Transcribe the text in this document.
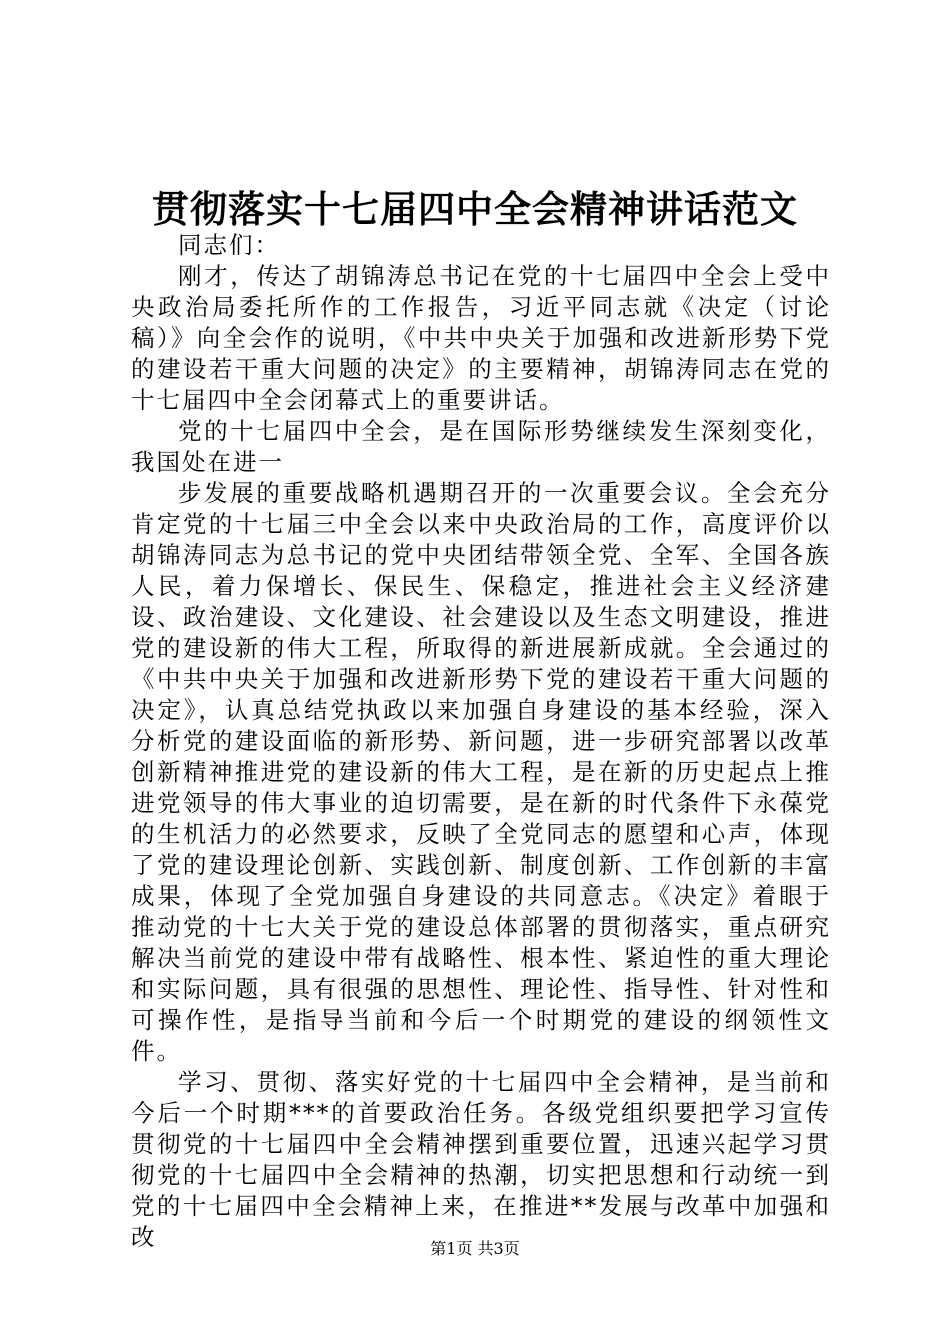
贯彻落实十七届四中全会精神讲话范文

同志们：

刚才，传达了胡锦涛总书记在党的十七届四中全会上受中央政治局委托所作的工作报告，习近平同志就《决定（讨论稿）》向全会作的说明，《中共中央关于加强和改进新形势下党的建设若干重大问题的决定》的主要精神，胡锦涛同志在党的十七届四中全会闭幕式上的重要讲话。

党的十七届四中全会，是在国际形势继续发生深刻变化，我国处在进一

步发展的重要战略机遇期召开的一次重要会议。全会充分肯定党的十七届三中全会以来中央政治局的工作，高度评价以胡锦涛同志为总书记的党中央团结带领全党、全军、全国各族人民，着力保增长、保民生、保稳定，推进社会主义经济建设、政治建设、文化建设、社会建设以及生态文明建设，推进党的建设新的伟大工程，所取得的新进展新成就。全会通过的《中共中央关于加强和改进新形势下党的建设若干重大问题的决定》，认真总结党执政以来加强自身建设的基本经验，深入分析党的建设面临的新形势、新问题，进一步研究部署以改革创新精神推进党的建设新的伟大工程，是在新的历史起点上推进党领导的伟大事业的迫切需要，是在新的时代条件下永葆党的生机活力的必然要求，反映了全党同志的愿望和心声，体现了党的建设理论创新、实践创新、制度创新、工作创新的丰富成果，体现了全党加强自身建设的共同意志。《决定》着眼于推动党的十七大关于党的建设总体部署的贯彻落实，重点研究解决当前党的建设中带有战略性、根本性、紧迫性的重大理论和实际问题，具有很强的思想性、理论性、指导性、针对性和可操作性，是指导当前和今后一个时期党的建设的纲领性文件。

学习、贯彻、落实好党的十七届四中全会精神，是当前和今后一个时期***的首要政治任务。各级党组织要把学习宣传贯彻党的十七届四中全会精神摆到重要位置，迅速兴起学习贯彻党的十七届四中全会精神的热潮，切实把思想和行动统一到党的十七届四中全会精神上来，在推进**发展与改革中加强和改	第1页 共3页
